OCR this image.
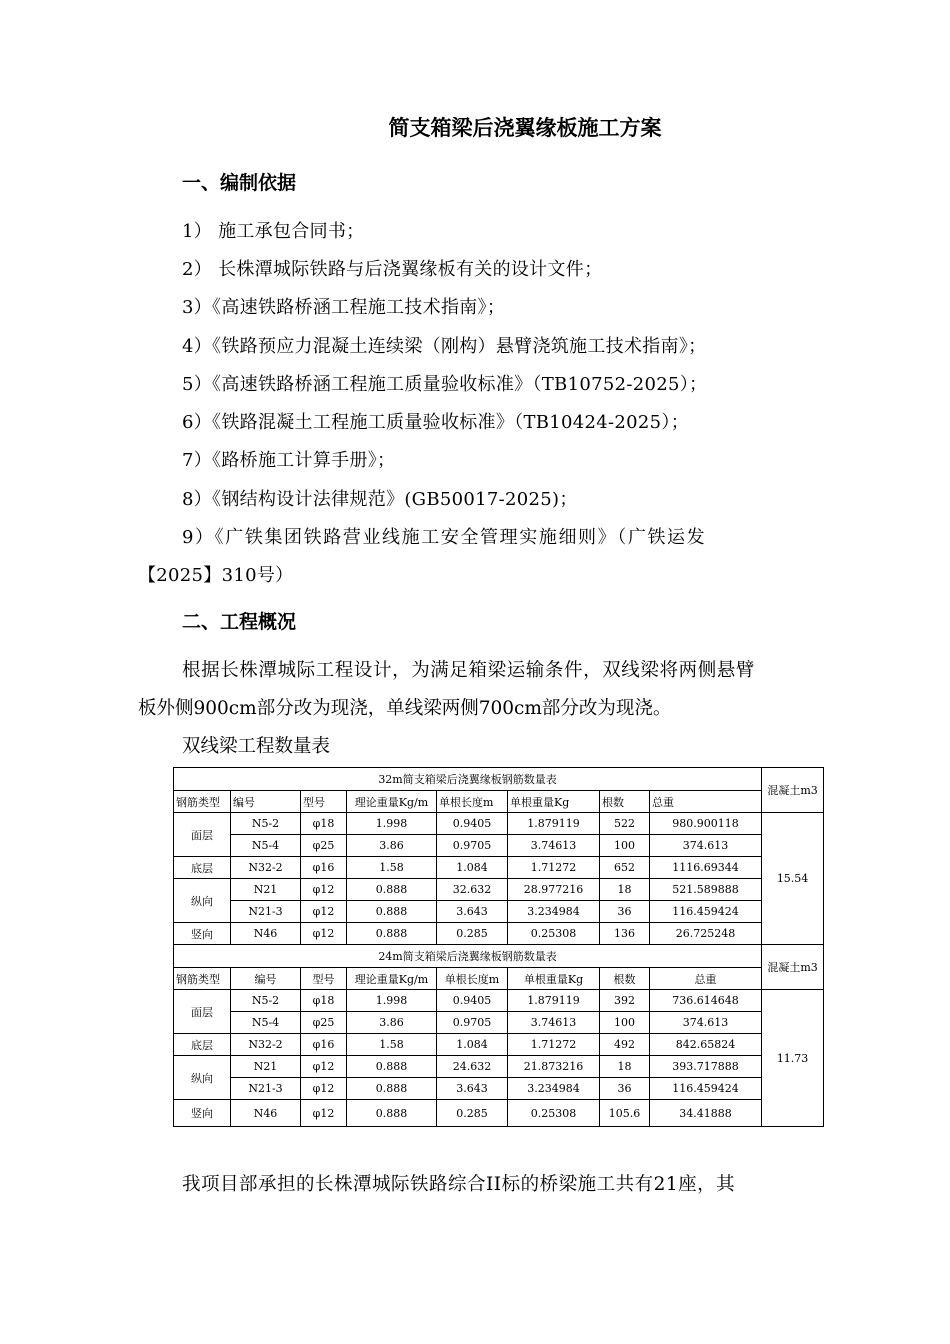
简支箱梁后浇翼缘板施工方案
一、编制依据
1） 施工承包合同书；
2） 长株潭城际铁路与后浇翼缘板有关的设计文件；
3）《高速铁路桥涵工程施工技术指南》；
4）《铁路预应力混凝土连续梁（刚构）悬臂浇筑施工技术指南》；
5）《高速铁路桥涵工程施工质量验收标准》（TB10752-2025）；
6）《铁路混凝土工程施工质量验收标准》（TB10424-2025）；
7）《路桥施工计算手册》；
8）《钢结构设计法律规范》(GB50017-2025)；
9）《广铁集团铁路营业线施工安全管理实施细则》（广铁运发
【2025】310号）
二、工程概况
根据长株潭城际工程设计，为满足箱梁运输条件，双线梁将两侧悬臂
板外侧900cm部分改为现浇，单线梁两侧700cm部分改为现浇。
双线梁工程数量表
32m简支箱梁后浇翼缘板钢筋数量表								混凝土m3
钢筋类型	编号	型号	理论重量Kg/m	单根长度m	单根重量Kg	根数	总重	
面层	N5-2	φ18	1.998	0.9405	1.879119	522	980.900118	15.54
	N5-4	φ25	3.86	0.9705	3.74613	100	374.613	
底层	N32-2	φ16	1.58	1.084	1.71272	652	1116.69344	
纵向	N21	φ12	0.888	32.632	28.977216	18	521.589888	
	N21-3	φ12	0.888	3.643	3.234984	36	116.459424	
竖向	N46	φ12	0.888	0.285	0.25308	136	26.725248	
24m简支箱梁后浇翼缘板钢筋数量表								混凝土m3
钢筋类型	编号	型号	理论重量Kg/m	单根长度m	单根重量Kg	根数	总重	
面层	N5-2	φ18	1.998	0.9405	1.879119	392	736.614648	11.73
	N5-4	φ25	3.86	0.9705	3.74613	100	374.613	
底层	N32-2	φ16	1.58	1.084	1.71272	492	842.65824	
纵向	N21	φ12	0.888	24.632	21.873216	18	393.717888	
	N21-3	φ12	0.888	3.643	3.234984	36	116.459424	
竖向	N46	φ12	0.888	0.285	0.25308	105.6	34.41888	
我项目部承担的长株潭城际铁路综合II标的桥梁施工共有21座，其
